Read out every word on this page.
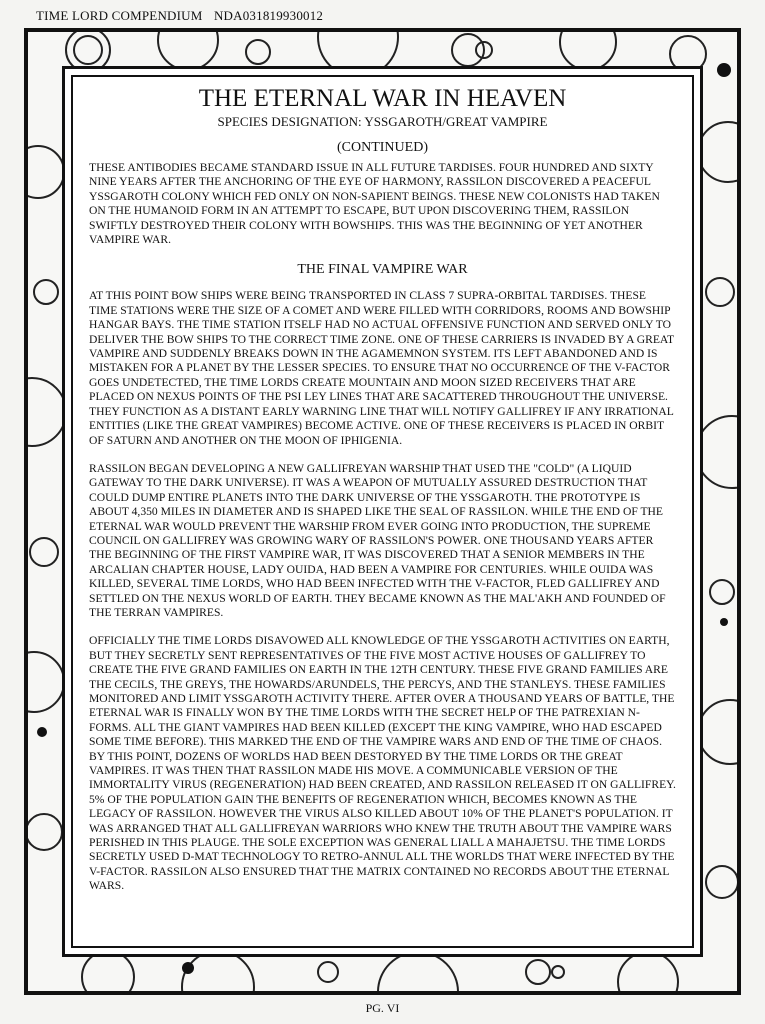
TIME LORD COMPENDIUM NDA031819930012
THE ETERNAL WAR IN HEAVEN
SPECIES DESIGNATION: YSSGAROTH/GREAT VAMPIRE
(CONTINUED)

THESE ANTIBODIES BECAME STANDARD ISSUE IN ALL FUTURE TARDISES. FOUR HUNDRED AND SIXTY NINE YEARS AFTER THE ANCHORING OF THE EYE OF HARMONY, RASSILON DISCOVERED A PEACEFUL YSSGAROTH COLONY WHICH FED ONLY ON NON-SAPIENT BEINGS. THESE NEW COLONISTS HAD TAKEN ON THE HUMANOID FORM IN AN ATTEMPT TO ESCAPE, BUT UPON DISCOVERING THEM, RASSILON SWIFTLY DESTROYED THEIR COLONY WITH BOWSHIPS. THIS WAS THE BEGINNING OF YET ANOTHER VAMPIRE WAR.

THE FINAL VAMPIRE WAR

AT THIS POINT BOW SHIPS WERE BEING TRANSPORTED IN CLASS 7 SUPRA-ORBITAL TARDISES. THESE TIME STATIONS WERE THE SIZE OF A COMET AND WERE FILLED WITH CORRIDORS, ROOMS AND BOWSHIP HANGAR BAYS. THE TIME STATION ITSELF HAD NO ACTUAL OFFENSIVE FUNCTION AND SERVED ONLY TO DELIVER THE BOW SHIPS TO THE CORRECT TIME ZONE. ONE OF THESE CARRIERS IS INVADED BY A GREAT VAMPIRE AND SUDDENLY BREAKS DOWN IN THE AGAMEMNON SYSTEM. ITS LEFT ABANDONED AND IS MISTAKEN FOR A PLANET BY THE LESSER SPECIES. TO ENSURE THAT NO OCCURRENCE OF THE V-FACTOR GOES UNDETECTED, THE TIME LORDS CREATE MOUNTAIN AND MOON SIZED RECEIVERS THAT ARE PLACED ON NEXUS POINTS OF THE PSI LEY LINES THAT ARE SACATTERED THROUGHOUT THE UNIVERSE. THEY FUNCTION AS A DISTANT EARLY WARNING LINE THAT WILL NOTIFY GALLIFREY IF ANY IRRATIONAL ENTITIES (LIKE THE GREAT VAMPIRES) BECOME ACTIVE. ONE OF THESE RECEIVERS IS PLACED IN ORBIT OF SATURN AND ANOTHER ON THE MOON OF IPHIGENIA.

RASSILON BEGAN DEVELOPING A NEW GALLIFREYAN WARSHIP THAT USED THE "COLD" (A LIQUID GATEWAY TO THE DARK UNIVERSE). IT WAS A WEAPON OF MUTUALLY ASSURED DESTRUCTION THAT COULD DUMP ENTIRE PLANETS INTO THE DARK UNIVERSE OF THE YSSGAROTH. THE PROTOTYPE IS ABOUT 4,350 MILES IN DIAMETER AND IS SHAPED LIKE THE SEAL OF RASSILON. WHILE THE END OF THE ETERNAL WAR WOULD PREVENT THE WARSHIP FROM EVER GOING INTO PRODUCTION, THE SUPREME COUNCIL ON GALLIFREY WAS GROWING WARY OF RASSILON'S POWER. ONE THOUSAND YEARS AFTER THE BEGINNING OF THE FIRST VAMPIRE WAR, IT WAS DISCOVERED THAT A SENIOR MEMBERS IN THE ARCALIAN CHAPTER HOUSE, LADY OUIDA, HAD BEEN A VAMPIRE FOR CENTURIES. WHILE OUIDA WAS KILLED, SEVERAL TIME LORDS, WHO HAD BEEN INFECTED WITH THE V-FACTOR, FLED GALLIFREY AND SETTLED ON THE NEXUS WORLD OF EARTH. THEY BECAME KNOWN AS THE MAL'AKH AND FOUNDED OF THE TERRAN VAMPIRES.

OFFICIALLY THE TIME LORDS DISAVOWED ALL KNOWLEDGE OF THE YSSGAROTH ACTIVITIES ON EARTH, BUT THEY SECRETLY SENT REPRESENTATIVES OF THE FIVE MOST ACTIVE HOUSES OF GALLIFREY TO CREATE THE FIVE GRAND FAMILIES ON EARTH IN THE 12TH CENTURY. THESE FIVE GRAND FAMILIES ARE THE CECILS, THE GREYS, THE HOWARDS/ARUNDELS, THE PERCYS, AND THE STANLEYS. THESE FAMILIES MONITORED AND LIMIT YSSGAROTH ACTIVITY THERE. AFTER OVER A THOUSAND YEARS OF BATTLE, THE ETERNAL WAR IS FINALLY WON BY THE TIME LORDS WITH THE SECRET HELP OF THE PATREXIAN N-FORMS. ALL THE GIANT VAMPIRES HAD BEEN KILLED (EXCEPT THE KING VAMPIRE, WHO HAD ESCAPED SOME TIME BEFORE). THIS MARKED THE END OF THE VAMPIRE WARS AND END OF THE TIME OF CHAOS. BY THIS POINT, DOZENS OF WORLDS HAD BEEN DESTORYED BY THE TIME LORDS OR THE GREAT VAMPIRES. IT WAS THEN THAT RASSILON MADE HIS MOVE. A COMMUNICABLE VERSION OF THE IMMORTALITY VIRUS (REGENERATION) HAD BEEN CREATED, AND RASSILON RELEASED IT ON GALLIFREY. 5% OF THE POPULATION GAIN THE BENEFITS OF REGENERATION WHICH, BECOMES KNOWN AS THE LEGACY OF RASSILON. HOWEVER THE VIRUS ALSO KILLED ABOUT 10% OF THE PLANET'S POPULATION. IT WAS ARRANGED THAT ALL GALLIFREYAN WARRIORS WHO KNEW THE TRUTH ABOUT THE VAMPIRE WARS PERISHED IN THIS PLAUGE. THE SOLE EXCEPTION WAS GENERAL LIALL A MAHAJETSU. THE TIME LORDS SECRETLY USED D-MAT TECHNOLOGY TO RETRO-ANNUL ALL THE WORLDS THAT WERE INFECTED BY THE V-FACTOR. RASSILON ALSO ENSURED THAT THE MATRIX CONTAINED NO RECORDS ABOUT THE ETERNAL WARS.

PG. VI
